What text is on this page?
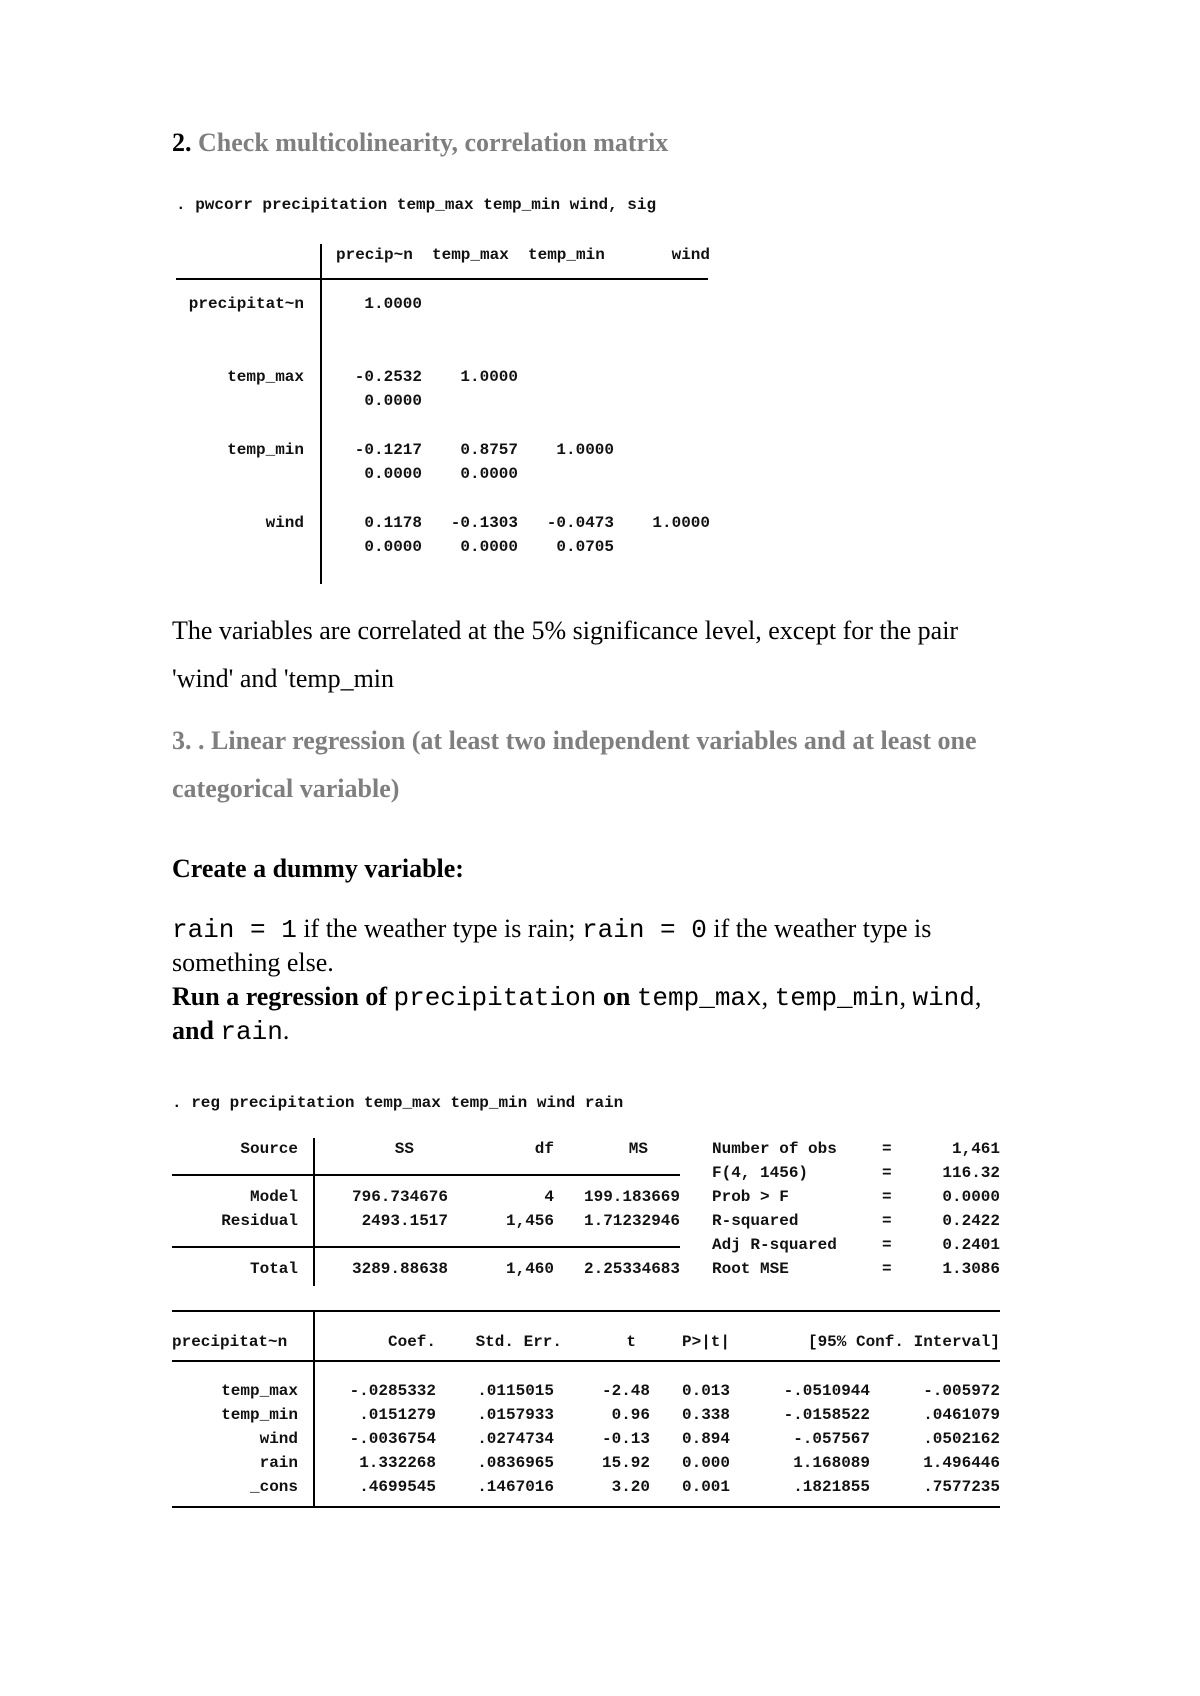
2. Check multicolinearity, correlation matrix
. pwcorr precipitation temp_max temp_min wind, sig
precip~n temp_max temp_min	wind
precipitat~n	1.0000
temp_max	-0.2532	1.0000
0.0000
temp_min	-0.1217	0.8757	1.0000
0.0000	0.0000
wind	0.1178	-0.1303	-0.0473	1.0000
0.0000	0.0000	0.0705
The variables are correlated at the 5% significance level, except for the pair
'wind' and 'temp_min
3. . Linear regression (at least two independent variables and at least one
categorical variable)
Create a dummy variable:
rain = 1 if the weather type is rain; rain = 0 if the weather type is
something else.
Run a regression of precipitation on temp_max, temp_min, wind,
and rain.
. reg precipitation temp_max temp_min wind rain
Source	SS	df	MS
Model	796.734676	4	199.183669
Residual	2493.1517	1,456	1.71232946
Total	3289.88638	1,460	2.25334683
Number of obs	=	1,461
F(4, 1456)	=	116.32
Prob > F	=	0.0000
R-squared	=	0.2422
Adj R-squared	=	0.2401
Root MSE	=	1.3086
precipitat~n	Coef.	Std. Err.	t	P>|t|	[95% Conf. Interval]
temp_max	-.0285332	.0115015	-2.48	0.013	-.0510944	-.005972
temp_min	.0151279	.0157933	0.96	0.338	-.0158522	.0461079
wind	-.0036754	.0274734	-0.13	0.894	-.057567	.0502162
rain	1.332268	.0836965	15.92	0.000	1.168089	1.496446
_cons	.4699545	.1467016	3.20	0.001	.1821855	.7577235
